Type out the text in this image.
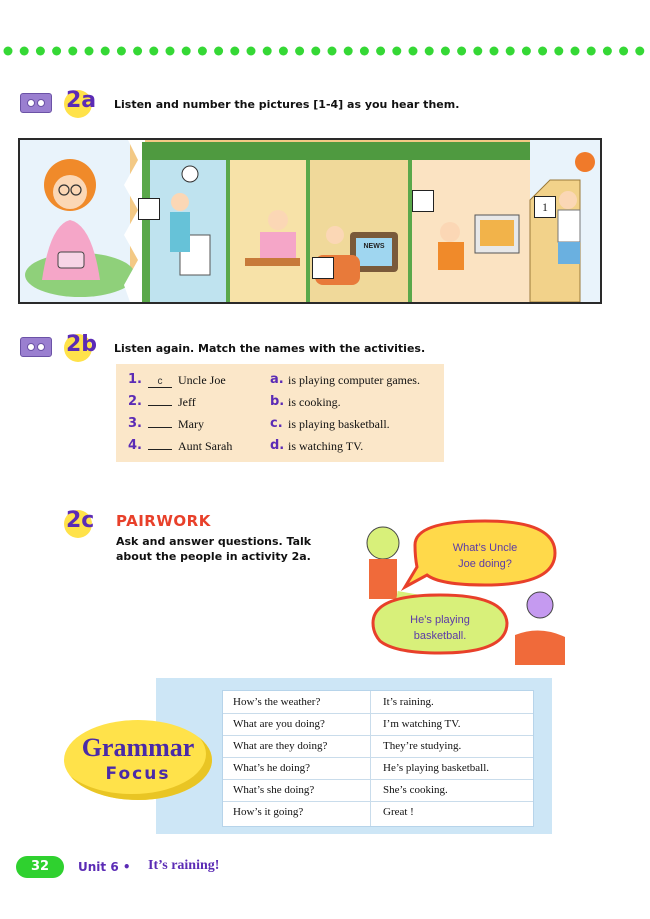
2a	Listen and number the pictures [1-4] as you hear them.
NEWS
1
2b	Listen again. Match the names with the activities.
1.	c Uncle Joe
2.	Jeff
3.	Mary
4.	Aunt Sarah
a. is playing computer games.
b. is cooking.
c. is playing basketball.
d. is watching TV.
2c PAIRWORK
Ask and answer questions. Talk
about the people in activity 2a.
What’s Uncle
Joe doing?
He’s playing
basketball.
How’s the weather?	It’s raining.
What are you doing?	I’m watching TV.
What are they doing?	They’re studying.
What’s he doing?	He’s playing basketball.
What’s she doing?	She’s cooking.
How’s it going?	Great !
Grammar
Focus
32	Unit 6 • It’s raining!
